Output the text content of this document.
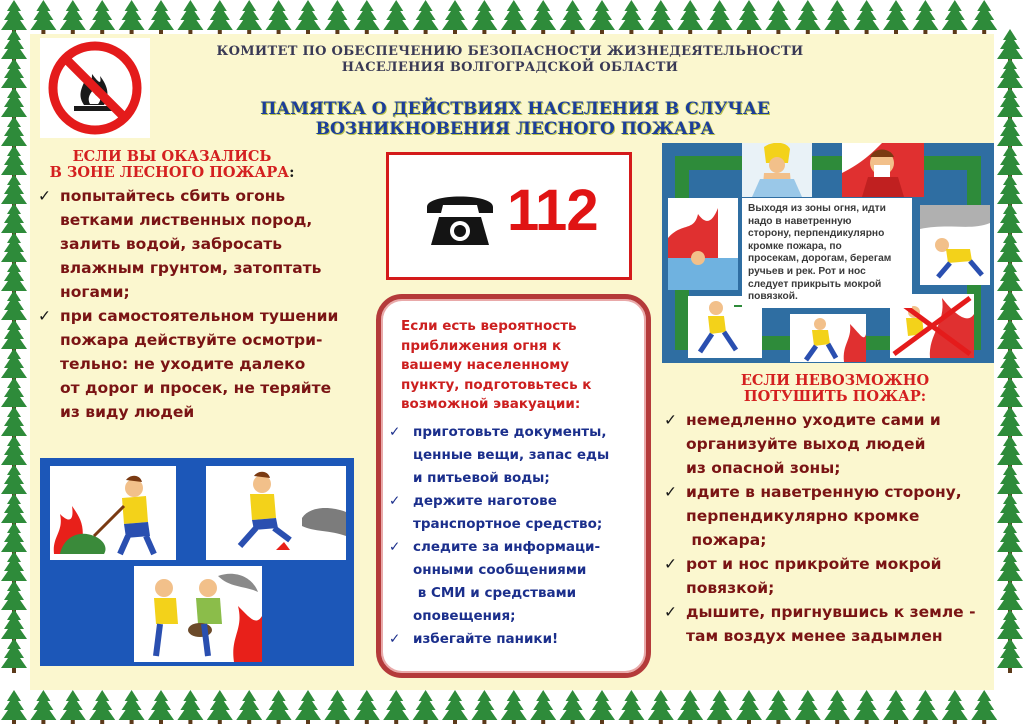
КОМИТЕТ ПО ОБЕСПЕЧЕНИЮ БЕЗОПАСНОСТИ ЖИЗНЕДЕЯТЕЛЬНОСТИ
НАСЕЛЕНИЯ ВОЛГОГРАДСКОЙ ОБЛАСТИ
ПАМЯТКА О ДЕЙСТВИЯХ НАСЕЛЕНИЯ В СЛУЧАЕ
ВОЗНИКНОВЕНИЯ ЛЕСНОГО ПОЖАРА
ЕСЛИ ВЫ ОКАЗАЛИСЬ
В ЗОНЕ ЛЕСНОГО ПОЖАРА:
✓ попытайтесь сбить огонь
ветками лиственных пород,
залить водой, забросать
влажным грунтом, затоптать
ногами;
✓ при самостоятельном тушении
пожара действуйте осмотри-
тельно: не уходите далеко
от дорог и просек, не теряйте
из виду людей
112
Если есть вероятность
приближения огня к
вашему населенному
пункту, подготовьтесь к
возможной эвакуации:
✓ приготовьте документы,
ценные вещи, запас еды
и питьевой воды;
✓ держите наготове
транспортное средство;
✓ следите за информаци-
онными сообщениями
в СМИ и средствами
оповещения;
✓ избегайте паники!
Выходя из зоны огня, идти
надо в наветренную
сторону, перпендикулярно
кромке пожара, по
просекам, дорогам, берегам
ручьев и рек. Рот и нос
следует прикрыть мокрой
повязкой.
ЕСЛИ НЕВОЗМОЖНО
ПОТУШИТЬ ПОЖАР:
✓ немедленно уходите сами и
организуйте выход людей
из опасной зоны;
✓ идите в наветренную сторону,
перпендикулярно кромке
пожара;
✓ рот и нос прикройте мокрой
повязкой;
✓ дышите, пригнувшись к земле -
там воздух менее задымлен
